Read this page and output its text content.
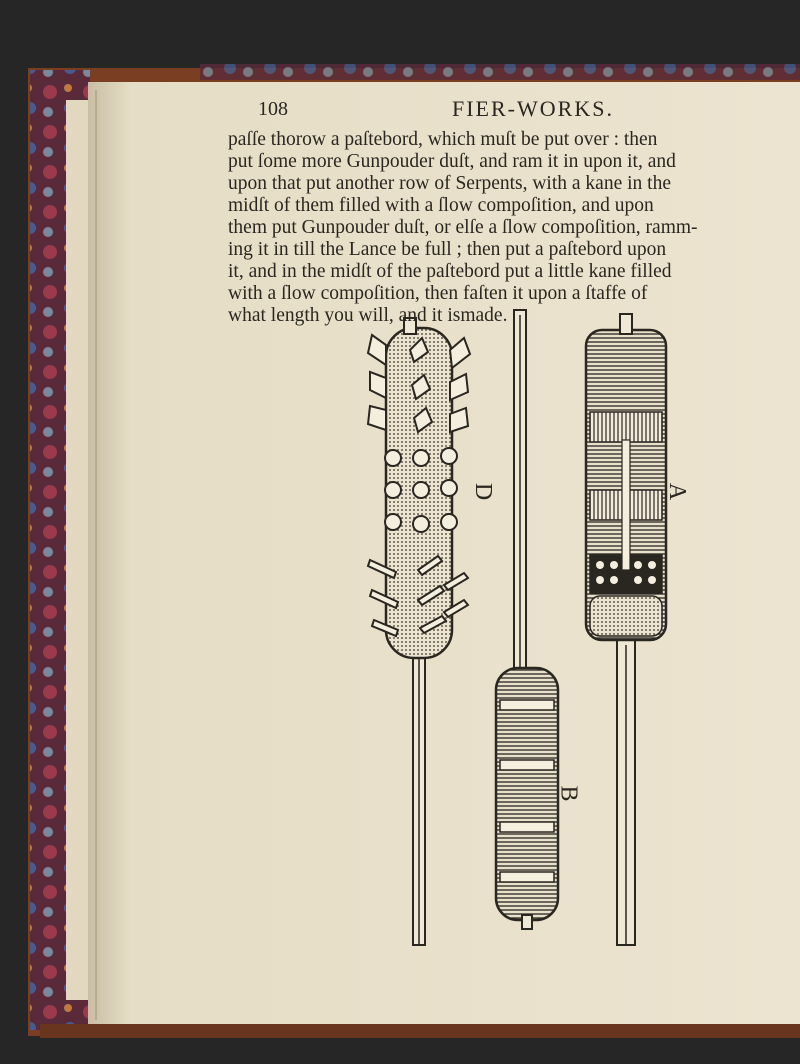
108	FIER-WORKS.
paſſe thorow a paſtebord, which muſt be put over : then
put ſome more Gunpouder duſt, and ram it in upon it, and
upon that put another row of Serpents, with a kane in the
midſt of them filled with a ſlow compoſition, and upon
them put Gunpouder duſt, or elſe a ſlow compoſition, ramm-
ing it in till the Lance be full ; then put a paſtebord upon
it, and in the midſt of the paſtebord put a little kane filled
with a ſlow compoſition, then faſten it upon a ſtaffe of
what length you will, and it ismade.
D
B
A
